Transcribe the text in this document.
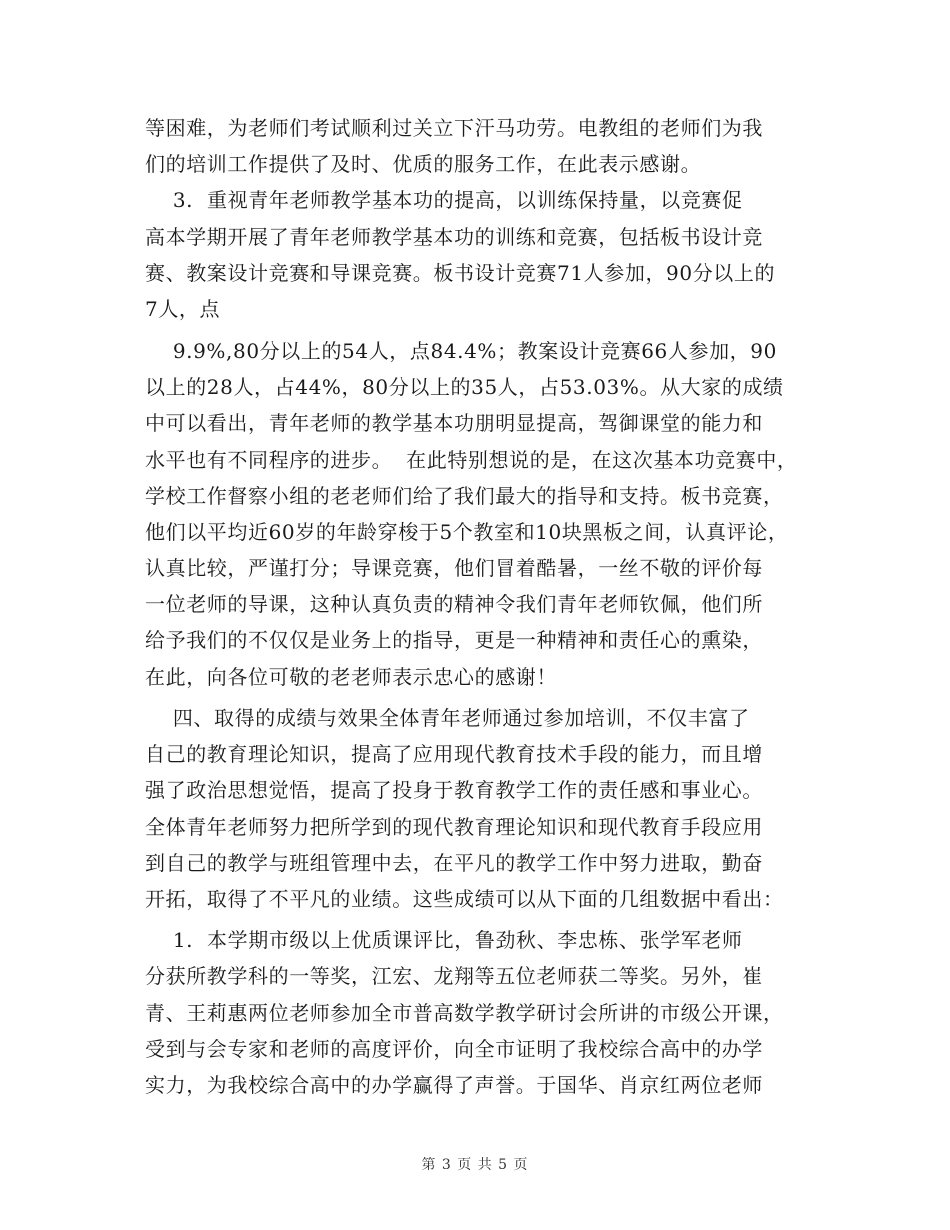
等困难，为老师们考试顺利过关立下汗马功劳。电教组的老师们为我
们的培训工作提供了及时、优质的服务工作，在此表示感谢。
3.  重视青年老师教学基本功的提高，以训练保持量，以竞赛促
高本学期开展了青年老师教学基本功的训练和竞赛，包括板书设计竞
赛、教案设计竞赛和导课竞赛。板书设计竞赛71人参加，90分以上的
7人，点
9.9%,80分以上的54人，点84.4%；教案设计竞赛66人参加，90
以上的28人，占44%，80分以上的35人，占53.03%。从大家的成绩
中可以看出，青年老师的教学基本功朋明显提高，驾御课堂的能力和
水平也有不同程序的进步。  在此特别想说的是，在这次基本功竞赛中，
学校工作督察小组的老老师们给了我们最大的指导和支持。板书竞赛，
他们以平均近60岁的年龄穿梭于5个教室和10块黑板之间，认真评论，
认真比较，严谨打分；导课竞赛，他们冒着酷暑，一丝不敬的评价每
一位老师的导课，这种认真负责的精神令我们青年老师钦佩，他们所
给予我们的不仅仅是业务上的指导，更是一种精神和责任心的熏染，
在此，向各位可敬的老老师表示忠心的感谢！
四、取得的成绩与效果全体青年老师通过参加培训，不仅丰富了
自己的教育理论知识，提高了应用现代教育技术手段的能力，而且增
强了政治思想觉悟，提高了投身于教育教学工作的责任感和事业心。
全体青年老师努力把所学到的现代教育理论知识和现代教育手段应用
到自己的教学与班组管理中去，在平凡的教学工作中努力进取，勤奋
开拓，取得了不平凡的业绩。这些成绩可以从下面的几组数据中看出：
1.  本学期市级以上优质课评比，鲁劲秋、李忠栋、张学军老师
分获所教学科的一等奖，江宏、龙翔等五位老师获二等奖。另外，崔
青、王莉惠两位老师参加全市普高数学教学研讨会所讲的市级公开课，
受到与会专家和老师的高度评价，向全市证明了我校综合高中的办学
实力，为我校综合高中的办学赢得了声誉。于国华、肖京红两位老师
第 3 页 共 5 页
